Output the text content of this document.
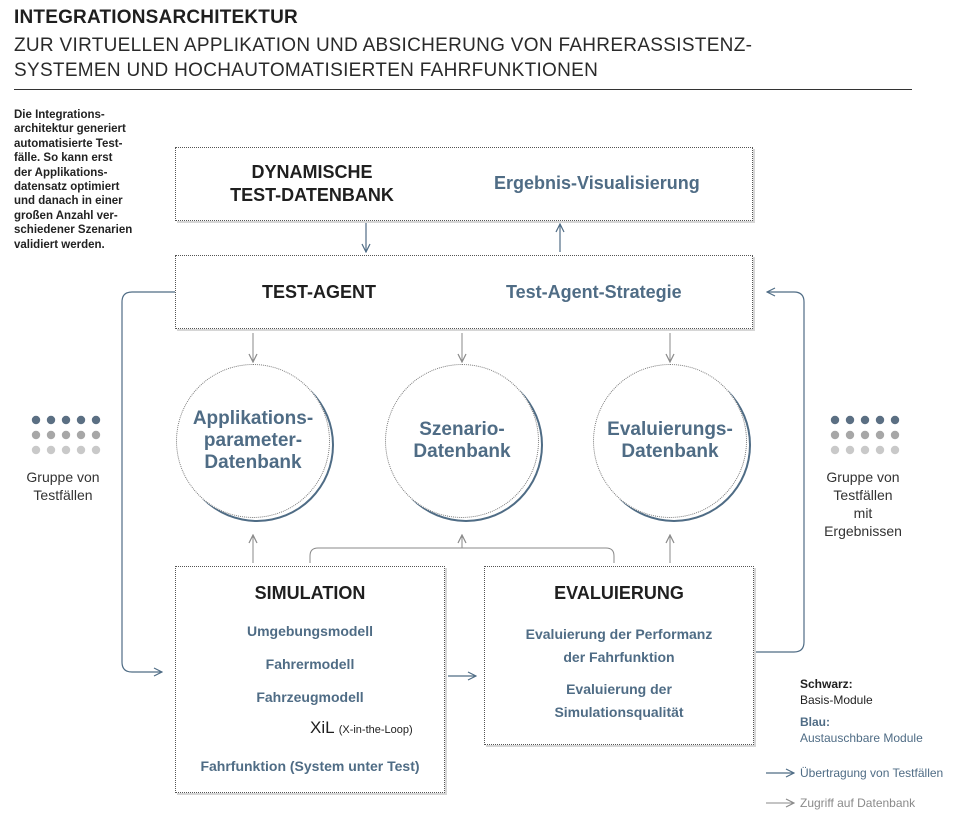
INTEGRATIONSARCHITEKTUR
ZUR VIRTUELLEN APPLIKATION UND ABSICHERUNG VON FAHRERASSISTENZ-
SYSTEMEN UND HOCHAUTOMATISIERTEN FAHRFUNKTIONEN
Die Integrations-
architektur generiert
automatisierte Test-
fälle. So kann erst
der Applikations-
datensatz optimiert
und danach in einer
großen Anzahl ver-
schiedener Szenarien
validiert werden.
DYNAMISCHE
TEST-DATENBANK
Ergebnis-Visualisierung
TEST-AGENT	Test-Agent-Strategie
Applikations-
parameter-
Datenbank
Szenario-
Datenbank
Evaluierungs-
Datenbank
Gruppe von
Testfällen
Gruppe von
Testfällen
mit
Ergebnissen
SIMULATION
Umgebungsmodell
Fahrermodell
Fahrzeugmodell
XiL (X-in-the-Loop)
Fahrfunktion (System unter Test)
EVALUIERUNG
Evaluierung der Performanz
der Fahrfunktion
Evaluierung der
Simulationsqualität
Schwarz:
Basis-Module
Blau:
Austauschbare Module
Übertragung von Testfällen
Zugriff auf Datenbank
